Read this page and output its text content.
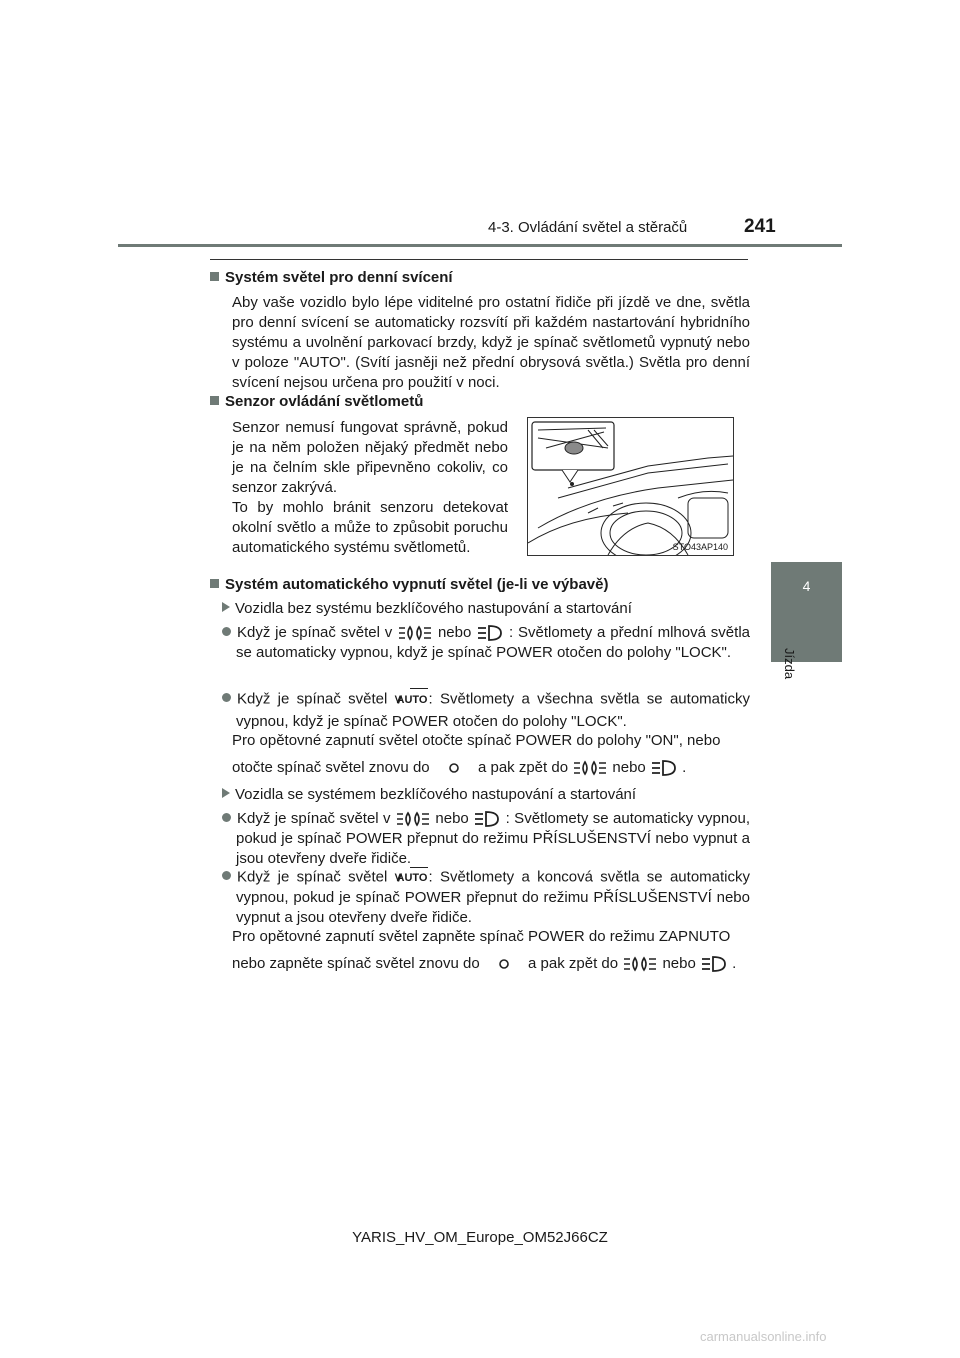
4-3. Ovládání světel a stěračů	241
4
Jízda
Systém světel pro denní svícení
Aby vaše vozidlo bylo lépe viditelné pro ostatní řidiče při jízdě ve dne, světla pro denní svícení se automaticky rozsvítí při každém nastartování hybridního systému a uvolnění parkovací brzdy, když je spínač světlometů vypnutý nebo v poloze "AUTO". (Svítí jasněji než přední obrysová světla.) Světla pro denní svícení nejsou určena pro použití v noci.
Senzor ovládání světlometů
Senzor nemusí fungovat správně, pokud je na něm položen nějaký předmět nebo je na čelním skle připevněno cokoliv, co senzor zakrývá.
To by mohlo bránit senzoru detekovat okolní světlo a může to způsobit poruchu automatického systému světlometů.	STO43AP140
Systém automatického vypnutí světel (je-li ve výbavě)
Vozidla bez systému bezklíčového nastupování a startování
Když je spínač světel v	nebo	: Světlomety a přední mlhová světla se automaticky vypnou, když je spínač POWER otočen do polohy "LOCK".
Když je spínač světel v AUTO: Světlomety a všechna světla se automaticky vypnou, když je spínač POWER otočen do polohy "LOCK".
Pro opětovné zapnutí světel otočte spínač POWER do polohy "ON", nebo
otočte spínač světel znovu do	a pak zpět do	nebo .
Vozidla se systémem bezklíčového nastupování a startování
Když je spínač světel v	nebo : Světlomety se automaticky vypnou, pokud je spínač POWER přepnut do režimu PŘÍSLUŠENSTVÍ nebo vypnut a jsou otevřeny dveře řidiče.
Když je spínač světel v AUTO: Světlomety a koncová světla se automaticky vypnou, pokud je spínač POWER přepnut do režimu PŘÍSLUŠENSTVÍ nebo vypnut a jsou otevřeny dveře řidiče.
Pro opětovné zapnutí světel zapněte spínač POWER do režimu ZAPNUTO
nebo zapněte spínač světel znovu do	a pak zpět do	nebo .
YARIS_HV_OM_Europe_OM52J66CZ
carmanualsonline.info
